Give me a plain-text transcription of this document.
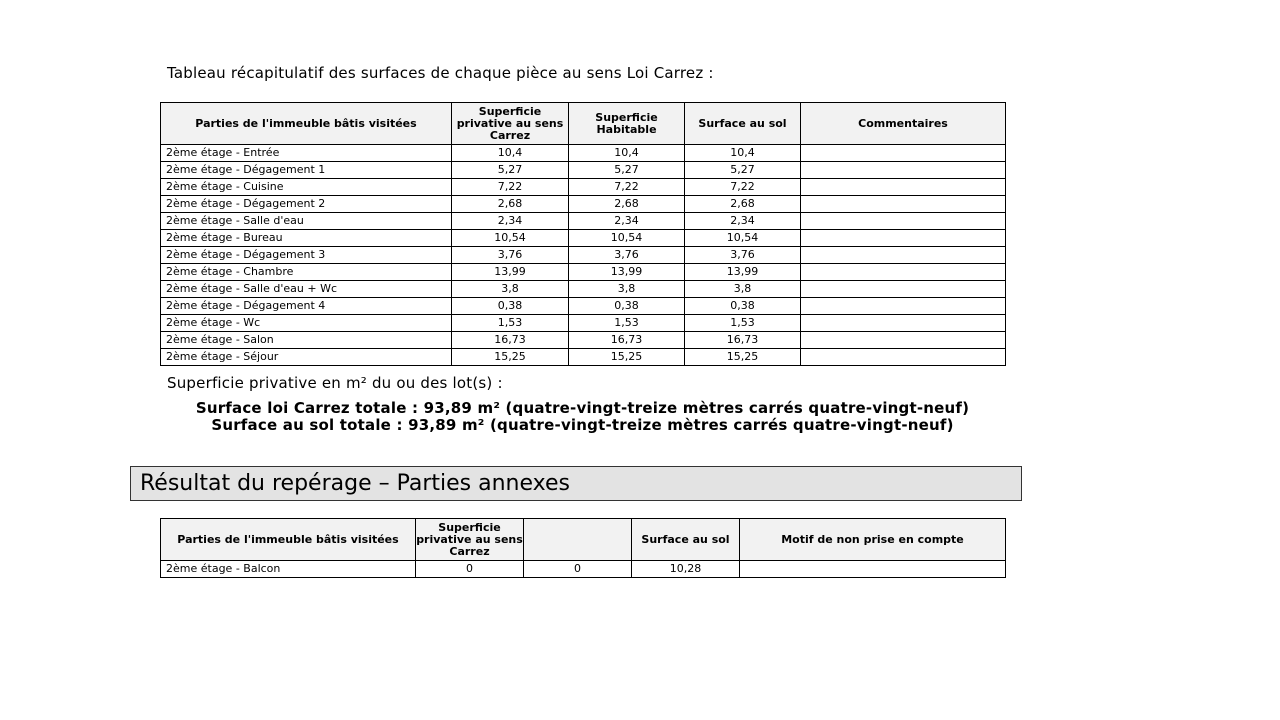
Tableau récapitulatif des surfaces de chaque pièce au sens Loi Carrez :
Parties de l'immeuble bâtis visitées	Superficie privative au sens Carrez	Superficie Habitable	Surface au sol	Commentaires
2ème étage - Entrée	10,4	10,4	10,4	
2ème étage - Dégagement 1	5,27	5,27	5,27	
2ème étage - Cuisine	7,22	7,22	7,22	
2ème étage - Dégagement 2	2,68	2,68	2,68	
2ème étage - Salle d'eau	2,34	2,34	2,34	
2ème étage - Bureau	10,54	10,54	10,54	
2ème étage - Dégagement 3	3,76	3,76	3,76	
2ème étage - Chambre	13,99	13,99	13,99	
2ème étage - Salle d'eau + Wc	3,8	3,8	3,8	
2ème étage - Dégagement 4	0,38	0,38	0,38	
2ème étage - Wc	1,53	1,53	1,53	
2ème étage - Salon	16,73	16,73	16,73	
2ème étage - Séjour	15,25	15,25	15,25	

Superficie privative en m² du ou des lot(s) :

Surface loi Carrez totale : 93,89 m² (quatre-vingt-treize mètres carrés quatre-vingt-neuf)
Surface au sol totale : 93,89 m² (quatre-vingt-treize mètres carrés quatre-vingt-neuf)
Résultat du repérage – Parties annexes
Parties de l'immeuble bâtis visitées	Superficie privative au sens Carrez		Surface au sol	Motif de non prise en compte
2ème étage - Balcon	0	0	10,28	
